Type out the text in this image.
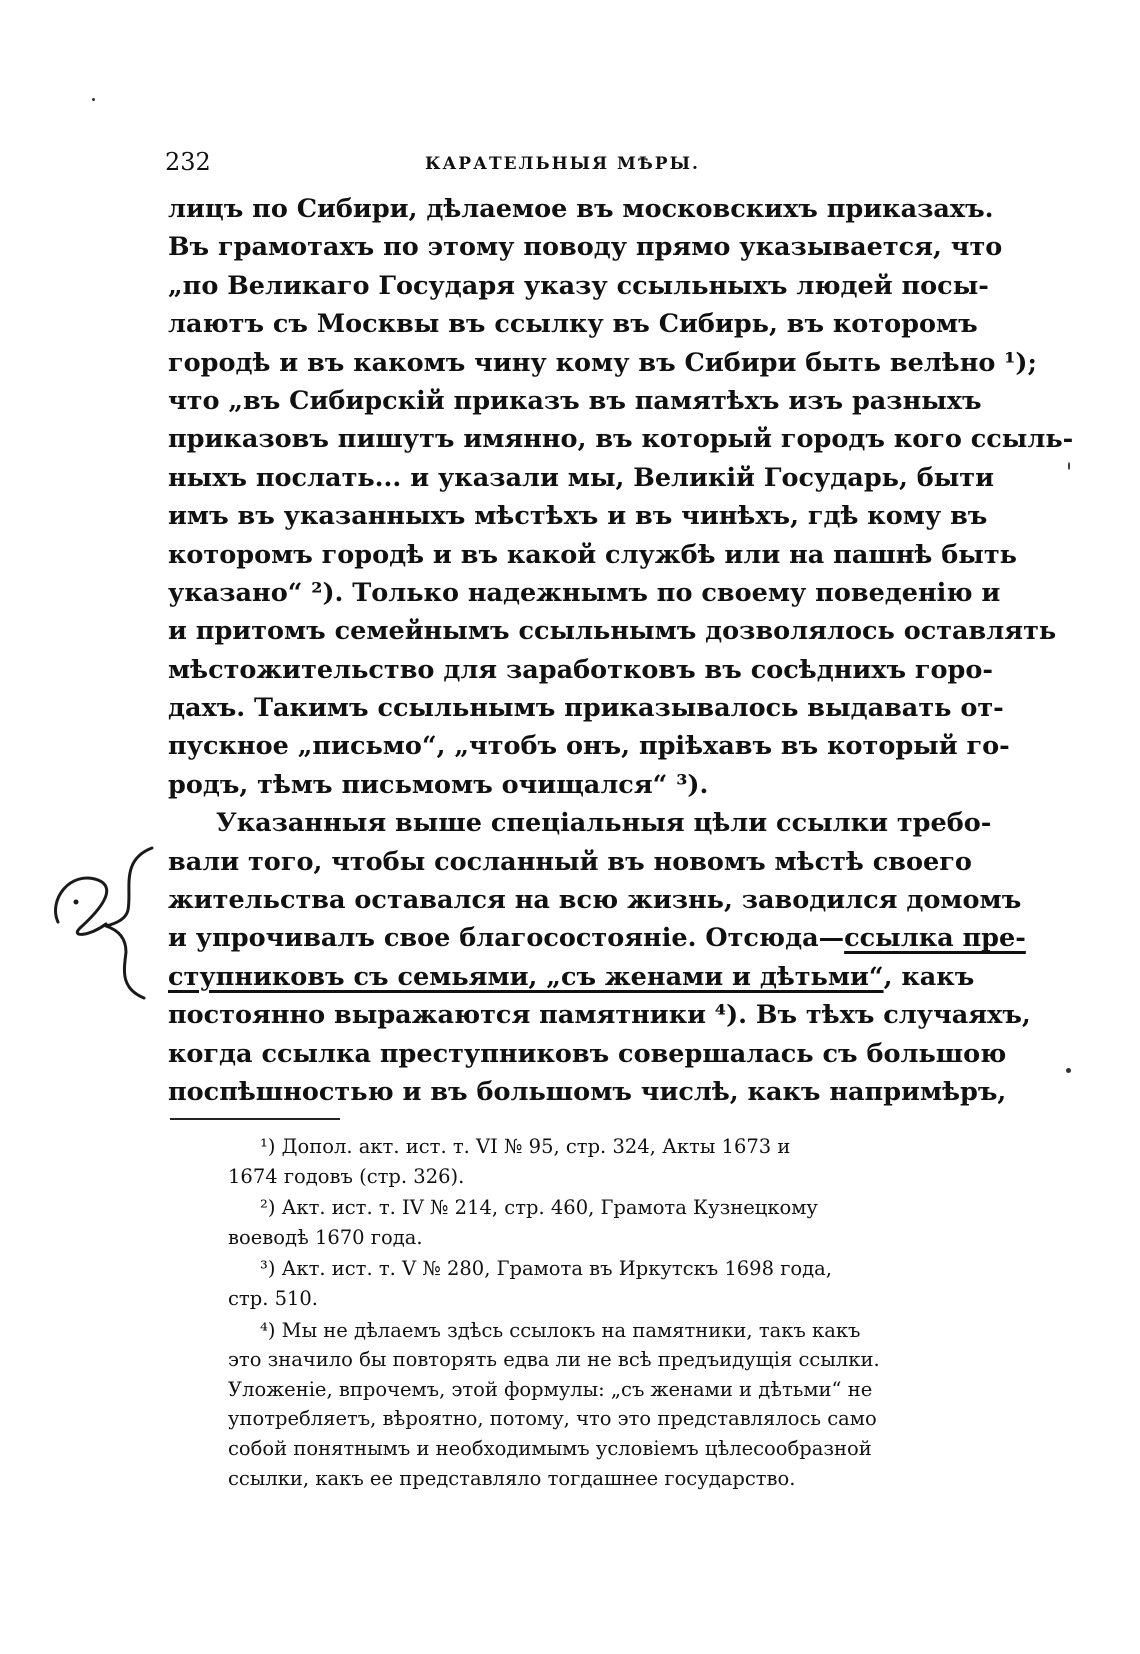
232	КАРАТЕЛЬНЫЯ МѢРЫ.
лицъ по Сибири, дѣлаемое въ московскихъ приказахъ.
Въ грамотахъ по этому поводу прямо указывается, что
„по Великаго Государя указу ссыльныхъ людей посы-
лаютъ съ Москвы въ ссылку въ Сибирь, въ которомъ
городѣ и въ какомъ чину кому въ Сибири быть велѣно ¹);
что „въ Сибирскій приказъ въ памятѣхъ изъ разныхъ
приказовъ пишутъ имянно, въ который городъ кого ссыль-
ныхъ послать... и указали мы, Великій Государь, быти
имъ въ указанныхъ мѣстѣхъ и въ чинѣхъ, гдѣ кому въ
которомъ городѣ и въ какой службѣ или на пашнѣ быть
указано“ ²). Только надежнымъ по своему поведенію и
и притомъ семейнымъ ссыльнымъ дозволялось оставлять
мѣстожительство для заработковъ въ сосѣднихъ горо-
дахъ. Такимъ ссыльнымъ приказывалось выдавать от-
пускное „письмо“, „чтобъ онъ, пріѣхавъ въ который го-
родъ, тѣмъ письмомъ очищался“ ³).
Указанныя выше спеціальныя цѣли ссылки требо-
вали того, чтобы сосланный въ новомъ мѣстѣ своего
жительства оставался на всю жизнь, заводился домомъ
и упрочивалъ свое благосостояніе. Отсюда—ссылка пре-
ступниковъ съ семьями, „съ женами и дѣтьми“, какъ
постоянно выражаются памятники ⁴). Въ тѣхъ случаяхъ,
когда ссылка преступниковъ совершалась съ большою
поспѣшностью и въ большомъ числѣ, какъ напримѣръ,
¹) Допол. акт. ист. т. VI № 95, стр. 324, Акты 1673 и
1674 годовъ (стр. 326).
²) Акт. ист. т. IV № 214, стр. 460, Грамота Кузнецкому
воеводѣ 1670 года.
³) Акт. ист. т. V № 280, Грамота въ Иркутскъ 1698 года,
стр. 510.
⁴) Мы не дѣлаемъ здѣсь ссылокъ на памятники, такъ какъ
это значило бы повторять едва ли не всѣ предъидущія ссылки.
Уложеніе, впрочемъ, этой формулы: „съ женами и дѣтьми“ не
употребляетъ, вѣроятно, потому, что это представлялось само
собой понятнымъ и необходимымъ условіемъ цѣлесообразной
ссылки, какъ ее представляло тогдашнее государство.
